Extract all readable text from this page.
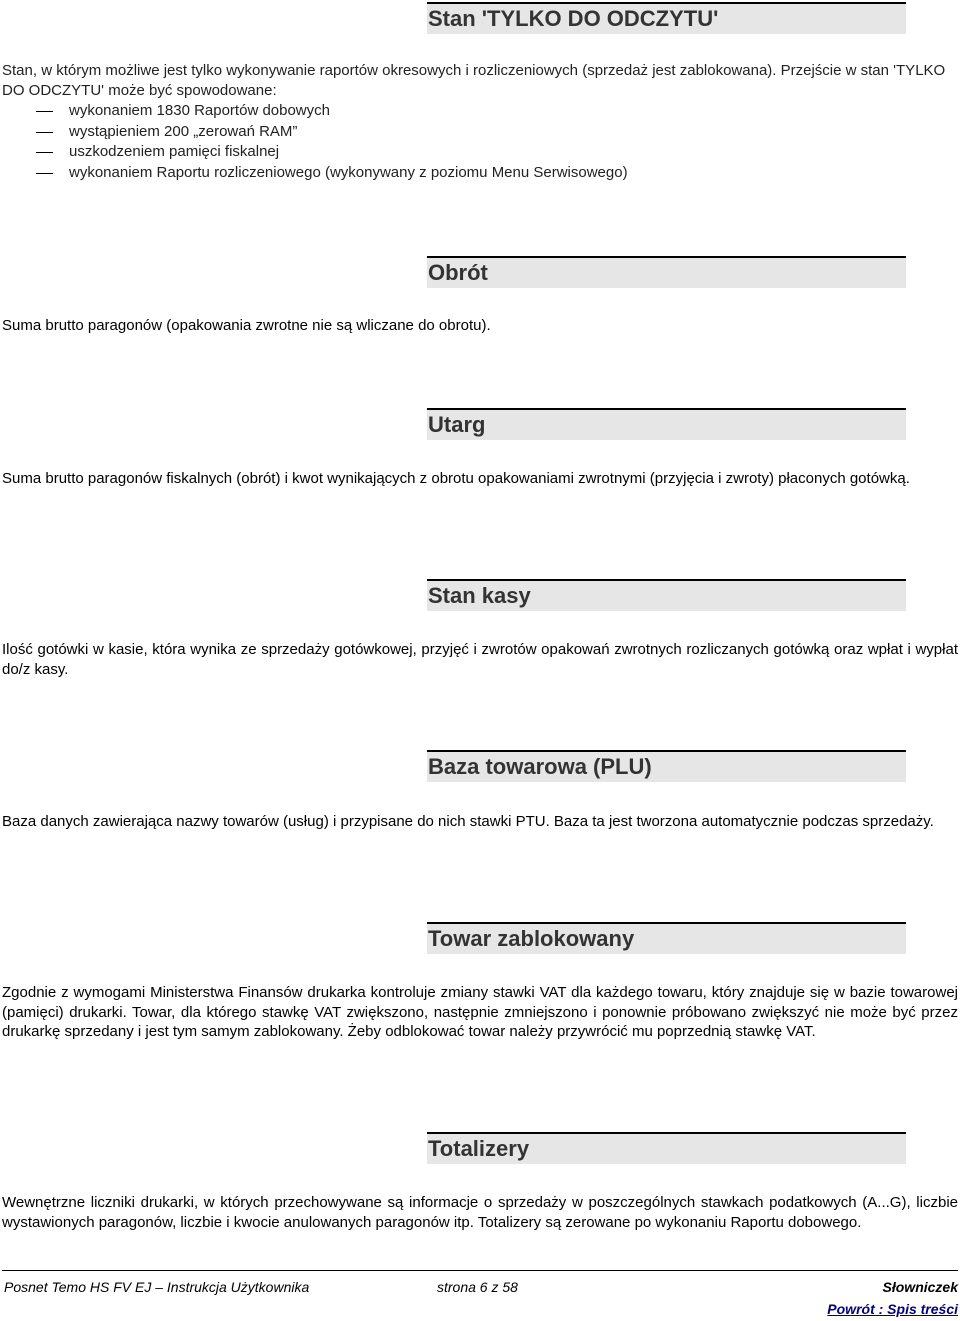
Stan 'TYLKO DO ODCZYTU'

Stan, w którym możliwe jest tylko wykonywanie raportów okresowych i rozliczeniowych (sprzedaż jest zablokowana). Przejście w stan 'TYLKO DO ODCZYTU' może być spowodowane:

wykonaniem 1830 Raportów dobowych
wystąpieniem 200 „zerowań RAM”
uszkodzeniem pamięci fiskalnej
wykonaniem Raportu rozliczeniowego (wykonywany z poziomu Menu Serwisowego)
Obrót

Suma brutto paragonów (opakowania zwrotne nie są wliczane do obrotu).

Utarg

Suma brutto paragonów fiskalnych (obrót) i kwot wynikających z obrotu opakowaniami zwrotnymi (przyjęcia i zwroty) płaconych gotówką.

Stan kasy

Ilość gotówki w kasie, która wynika ze sprzedaży gotówkowej, przyjęć i zwrotów opakowań zwrotnych rozliczanych gotówką oraz wpłat i wypłat do/z kasy.

Baza towarowa (PLU)

Baza danych zawierająca nazwy towarów (usług) i przypisane do nich stawki PTU. Baza ta jest tworzona automatycznie podczas sprzedaży.

Towar zablokowany

Zgodnie z wymogami Ministerstwa Finansów drukarka kontroluje zmiany stawki VAT dla każdego towaru, który znajduje się w bazie towarowej (pamięci) drukarki. Towar, dla którego stawkę VAT zwiększono, następnie zmniejszono i ponownie próbowano zwiększyć nie może być przez drukarkę sprzedany i jest tym samym zablokowany. Żeby odblokować towar należy przywrócić mu poprzednią stawkę VAT.

Totalizery

Wewnętrzne liczniki drukarki, w których przechowywane są informacje o sprzedaży w poszczególnych stawkach podatkowych (A...G), liczbie wystawionych paragonów, liczbie i kwocie anulowanych paragonów itp. Totalizery są zerowane po wykonaniu Raportu dobowego.

Posnet Temo HS FV EJ – Instrukcja Użytkownika	strona 6 z 58	Słowniczek
Powrót : Spis treści
